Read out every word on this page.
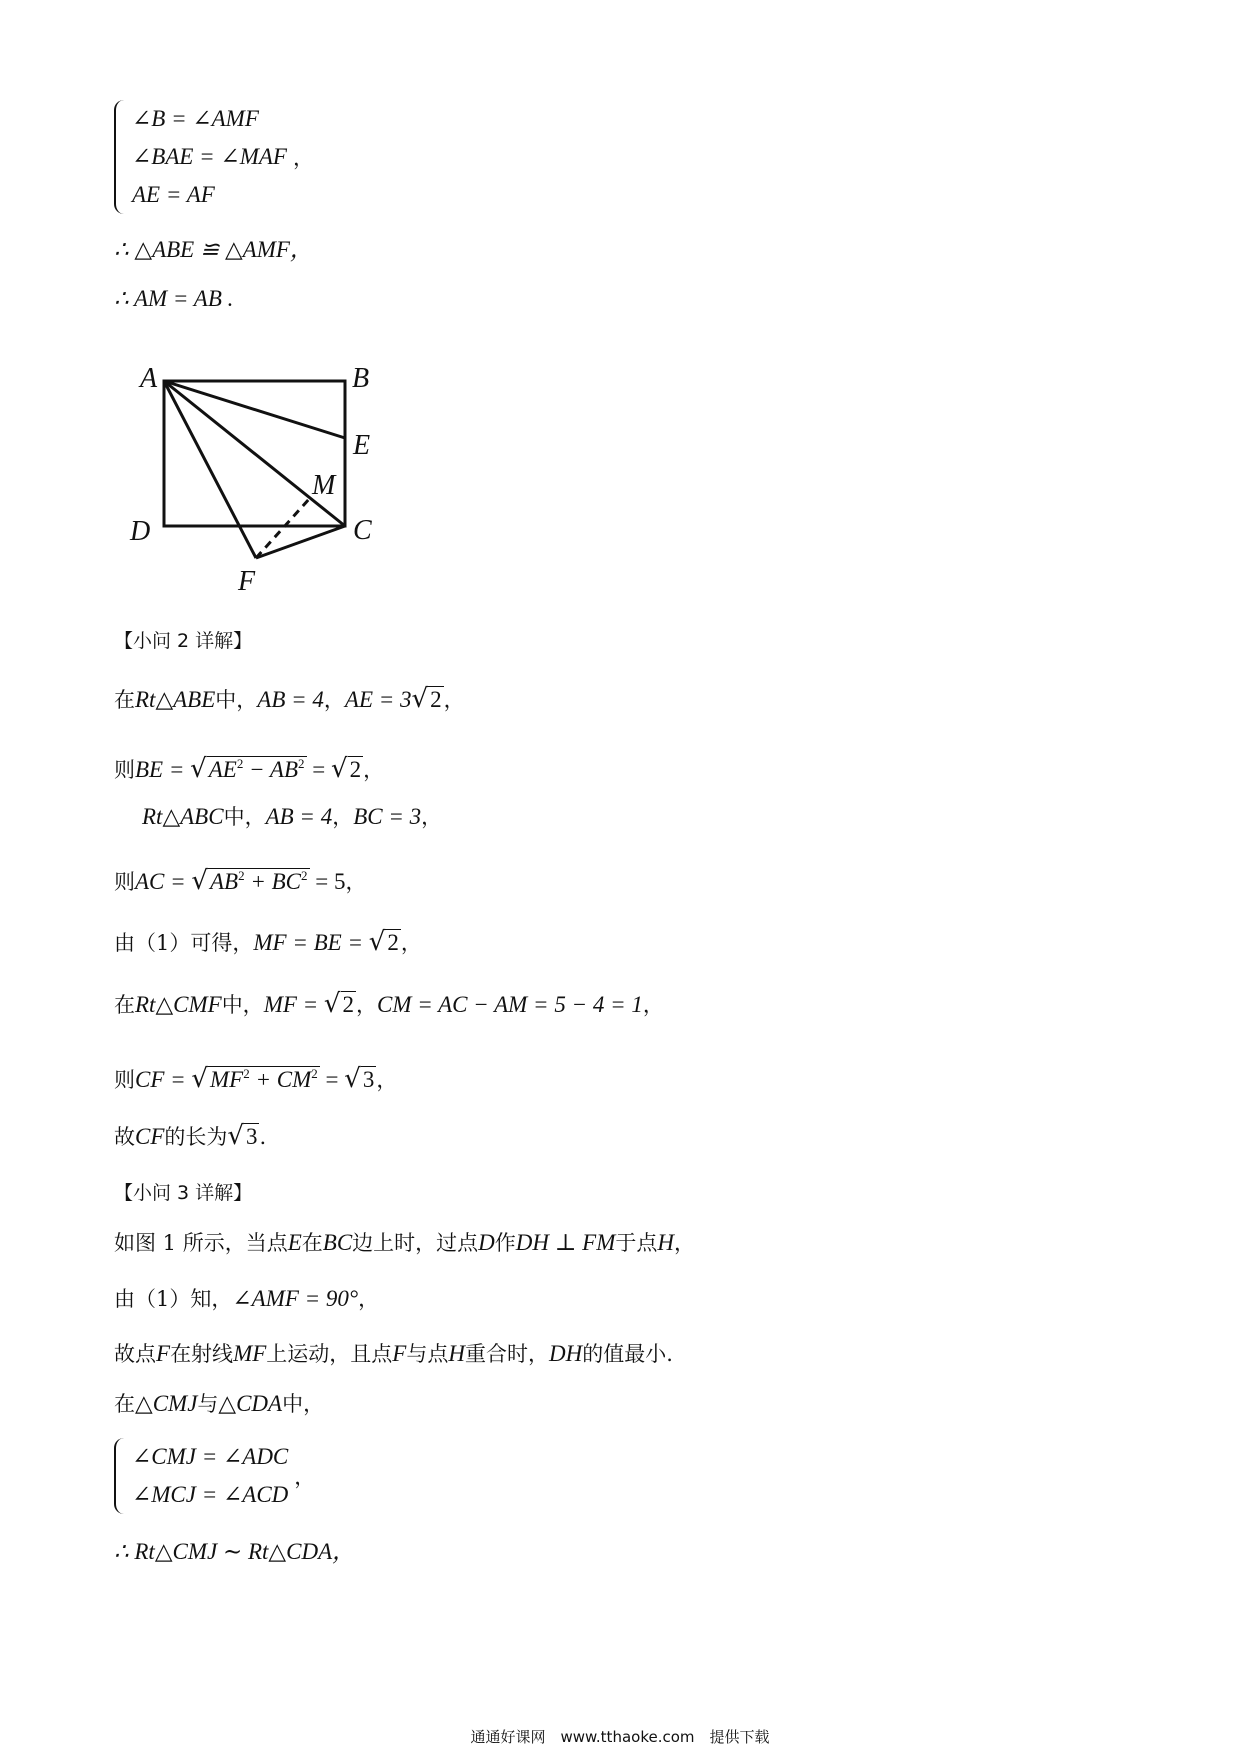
∠B = ∠AMF
∠BAE = ∠MAF
AE = AF
，
∴ △ABE ≌ △AMF，
∴ AM = AB .
A	B
C
D
E
F
M
【小问 2 详解】
在Rt△ABE中，AB = 4，AE = 3√2，
则BE = $√AE^2 - AB^2 = √2$，
Rt△ABC中，AB = 4，BC = 3，
则AC = $√AB^2 + BC^2 = 5$，
由（1）可得，MF = BE = √2，
在Rt△CMF中，MF = √2，CM = AC − AM = 5 − 4 = 1，
则CF = $√MF^2 + CM^2 = √3$，
故CF的长为√3.
【小问 3 详解】
如图 1 所示，当点E在BC边上时，过点D作DH ⊥ FM于点H，
由（1）知，∠AMF = 90°，
故点F在射线MF上运动，且点F与点H重合时，DH的值最小.
在△CMJ与△CDA中，
∠CMJ = ∠ADC
∠MCJ = ∠ACD
，
∴ Rt△CMJ ∼ Rt△CDA，
通通好课网　www.tthaoke.com　提供下载
